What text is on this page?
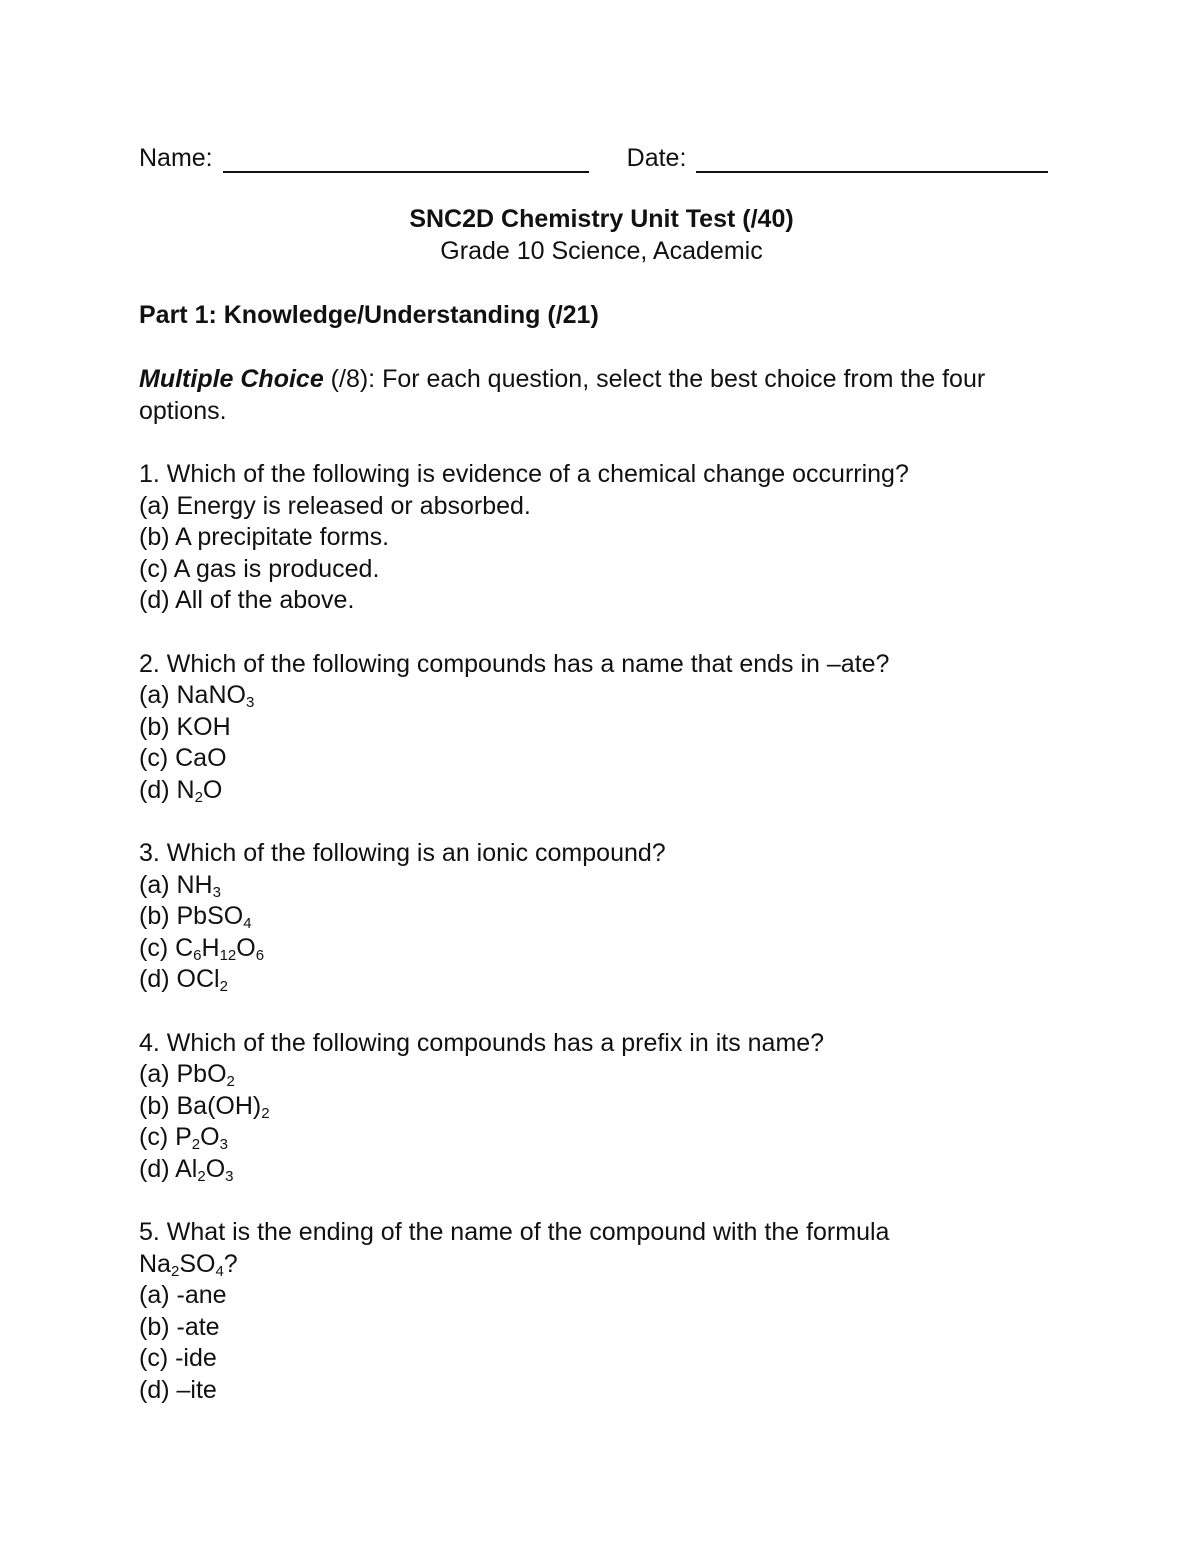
Name:	Date:
SNC2D Chemistry Unit Test (/40)
Grade 10 Science, Academic
Part 1: Knowledge/Understanding (/21)
Multiple Choice (/8): For each question, select the best choice from the four options.
1. Which of the following is evidence of a chemical change occurring?
(a) Energy is released or absorbed.
(b) A precipitate forms.
(c) A gas is produced.
(d) All of the above.
2. Which of the following compounds has a name that ends in –ate?
(a) NaNO$_3$
(b) KOH
(c) CaO
(d) $N_2O$
3. Which of the following is an ionic compound?
(a) $NH_3$
(b) PbSO$_4$
(c) $C_6H_{12}O_6$
(d) OCl$_2$
4. Which of the following compounds has a prefix in its name?
(a) PbO$_2$
(b) $Ba(OH)_2$
(c) $P_2O_3$
(d) $Al_2O_3$
5. What is the ending of the name of the compound with the formula
$Na_2SO_4$?
(a) -ane
(b) -ate
(c) -ide
(d) –ite
